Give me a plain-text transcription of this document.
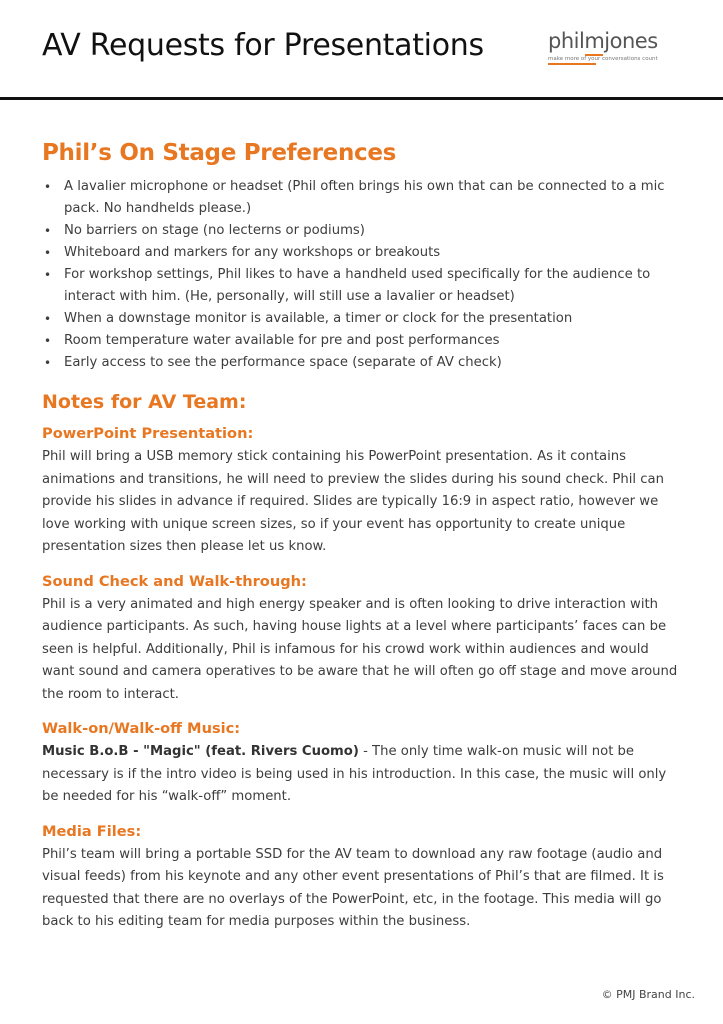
AV Requests for Presentations	philm
jones
make more of your conversations count
Phil’s On Stage Preferences
• A lavalier microphone or headset (Phil often brings his own that can be connected to a mic pack. No handhelds please.)
• No barriers on stage (no lecterns or podiums)
• Whiteboard and markers for any workshops or breakouts
• For workshop settings, Phil likes to have a handheld used specifically for the audience to interact with him. (He, personally, will still use a lavalier or headset)
• When a downstage monitor is available, a timer or clock for the presentation
• Room temperature water available for pre and post performances
• Early access to see the performance space (separate of AV check)
Notes for AV Team:
PowerPoint Presentation:

Phil will bring a USB memory stick containing his PowerPoint presentation. As it contains animations and transitions, he will need to preview the slides during his sound check. Phil can provide his slides in advance if required. Slides are typically 16:9 in aspect ratio, however we love working with unique screen sizes, so if your event has opportunity to create unique presentation sizes then please let us know.

Sound Check and Walk-through:

Phil is a very animated and high energy speaker and is often looking to drive interaction with audience participants. As such, having house lights at a level where participants’ faces can be seen is helpful. Additionally, Phil is infamous for his crowd work within audiences and would want sound and camera operatives to be aware that he will often go off stage and move around the room to interact.

Walk-on/Walk-off Music:

Music B.o.B - "Magic" (feat. Rivers Cuomo) - The only time walk-on music will not be necessary is if the intro video is being used in his introduction. In this case, the music will only be needed for his “walk-off” moment.

Media Files:

Phil’s team will bring a portable SSD for the AV team to download any raw footage (audio and visual feeds) from his keynote and any other event presentations of Phil’s that are filmed. It is requested that there are no overlays of the PowerPoint, etc, in the footage. This media will go back to his editing team for media purposes within the business.

© PMJ Brand Inc.
